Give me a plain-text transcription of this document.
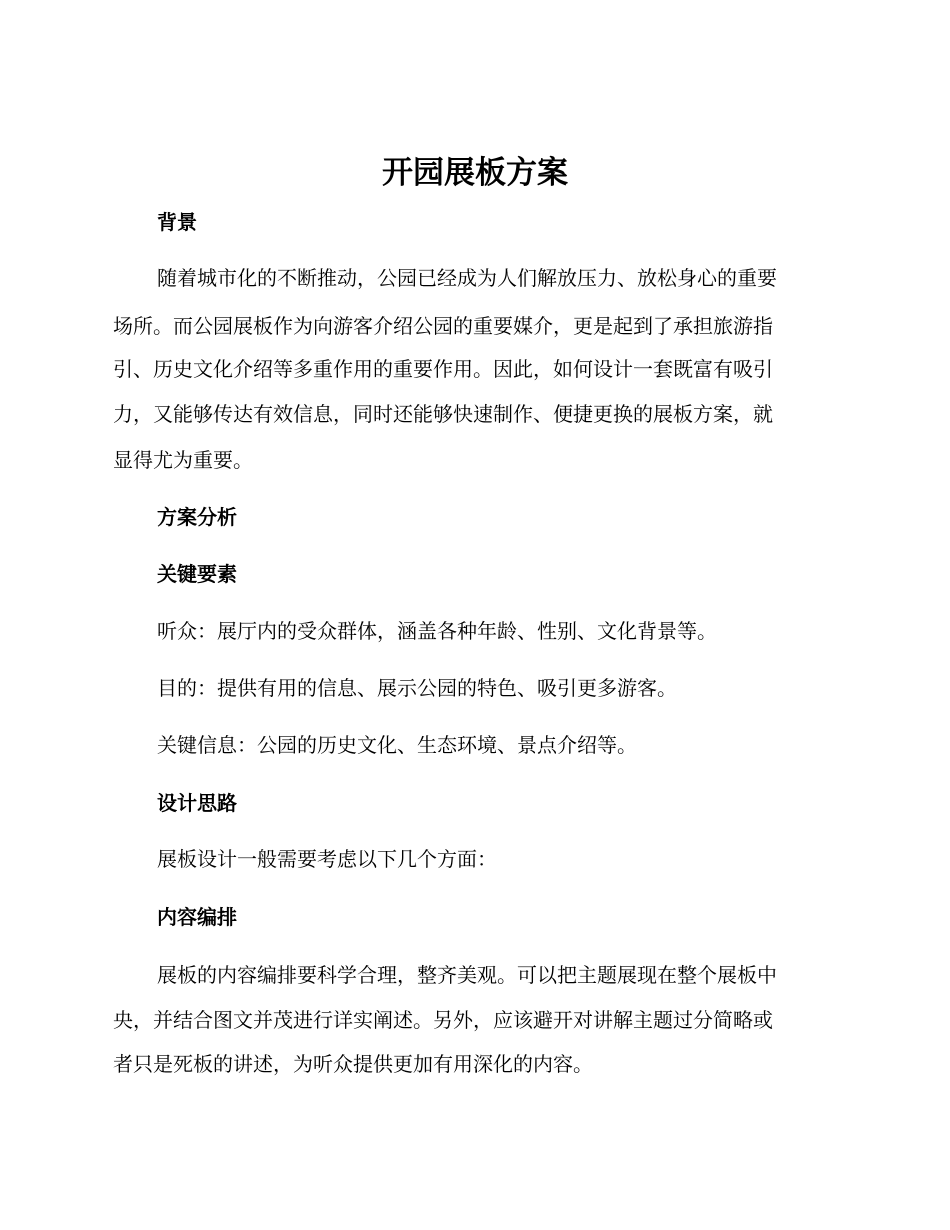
开园展板方案

背景

随着城市化的不断推动，公园已经成为人们解放压力、放松身心的重要

场所。而公园展板作为向游客介绍公园的重要媒介，更是起到了承担旅游指

引、历史文化介绍等多重作用的重要作用。因此，如何设计一套既富有吸引

力，又能够传达有效信息，同时还能够快速制作、便捷更换的展板方案，就

显得尤为重要。

方案分析

关键要素

听众：展厅内的受众群体，涵盖各种年龄、性别、文化背景等。

目的：提供有用的信息、展示公园的特色、吸引更多游客。

关键信息：公园的历史文化、生态环境、景点介绍等。

设计思路

展板设计一般需要考虑以下几个方面：

内容编排

展板的内容编排要科学合理，整齐美观。可以把主题展现在整个展板中

央，并结合图文并茂进行详实阐述。另外，应该避开对讲解主题过分简略或

者只是死板的讲述，为听众提供更加有用深化的内容。
